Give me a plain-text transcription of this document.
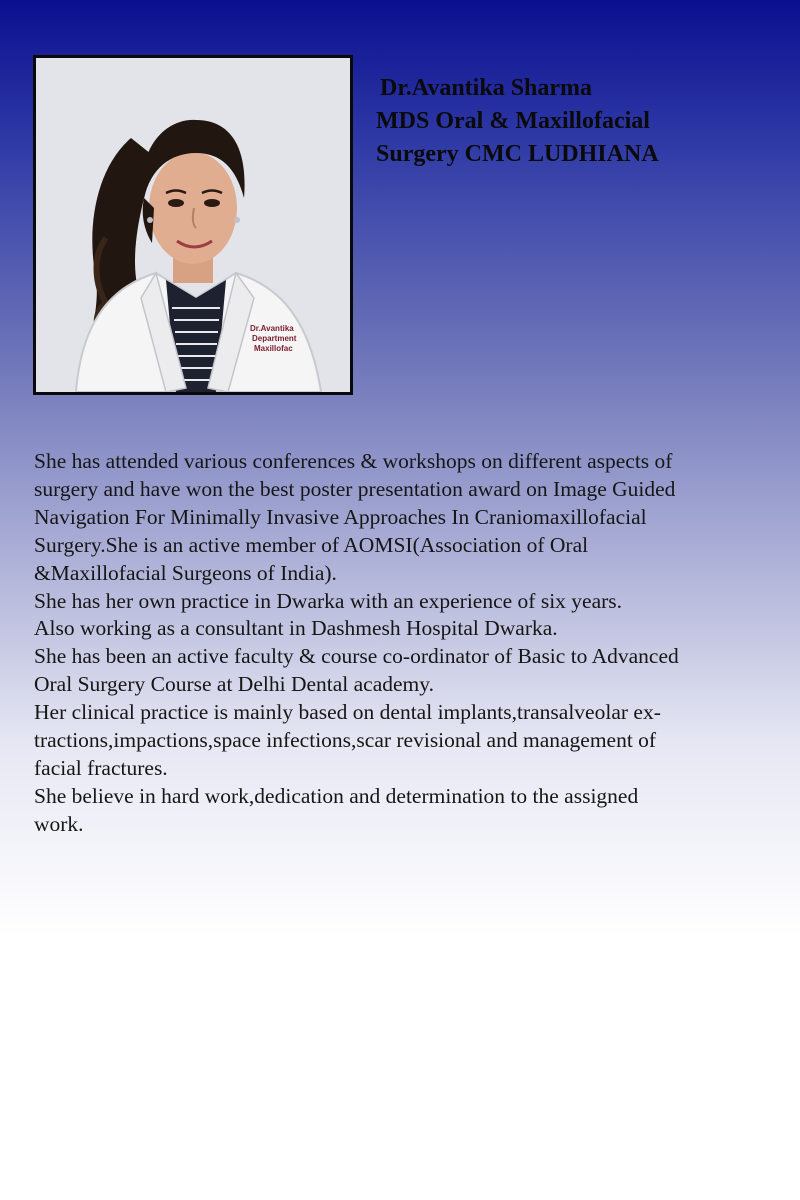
Dr.Avantika
Department
Maxillofac
Dr.Avantika Sharma
MDS Oral & Maxillofacial
Surgery CMC LUDHIANA

She has attended various conferences & workshops on different aspects of

surgery and have won the best poster presentation award on Image Guided

Navigation For Minimally Invasive Approaches In Craniomaxillofacial

Surgery.She is an active member of AOMSI(Association of Oral

&Maxillofacial Surgeons of India).

She has her own practice in Dwarka with an experience of six years.

Also working as a consultant in Dashmesh Hospital Dwarka.

She has been an active faculty & course co-ordinator of Basic to Advanced

Oral Surgery Course at Delhi Dental academy.

Her clinical practice is mainly based on dental implants,transalveolar ex-

tractions,impactions,space infections,scar revisional and management of

facial fractures.

She believe in hard work,dedication and determination to the assigned

work.
